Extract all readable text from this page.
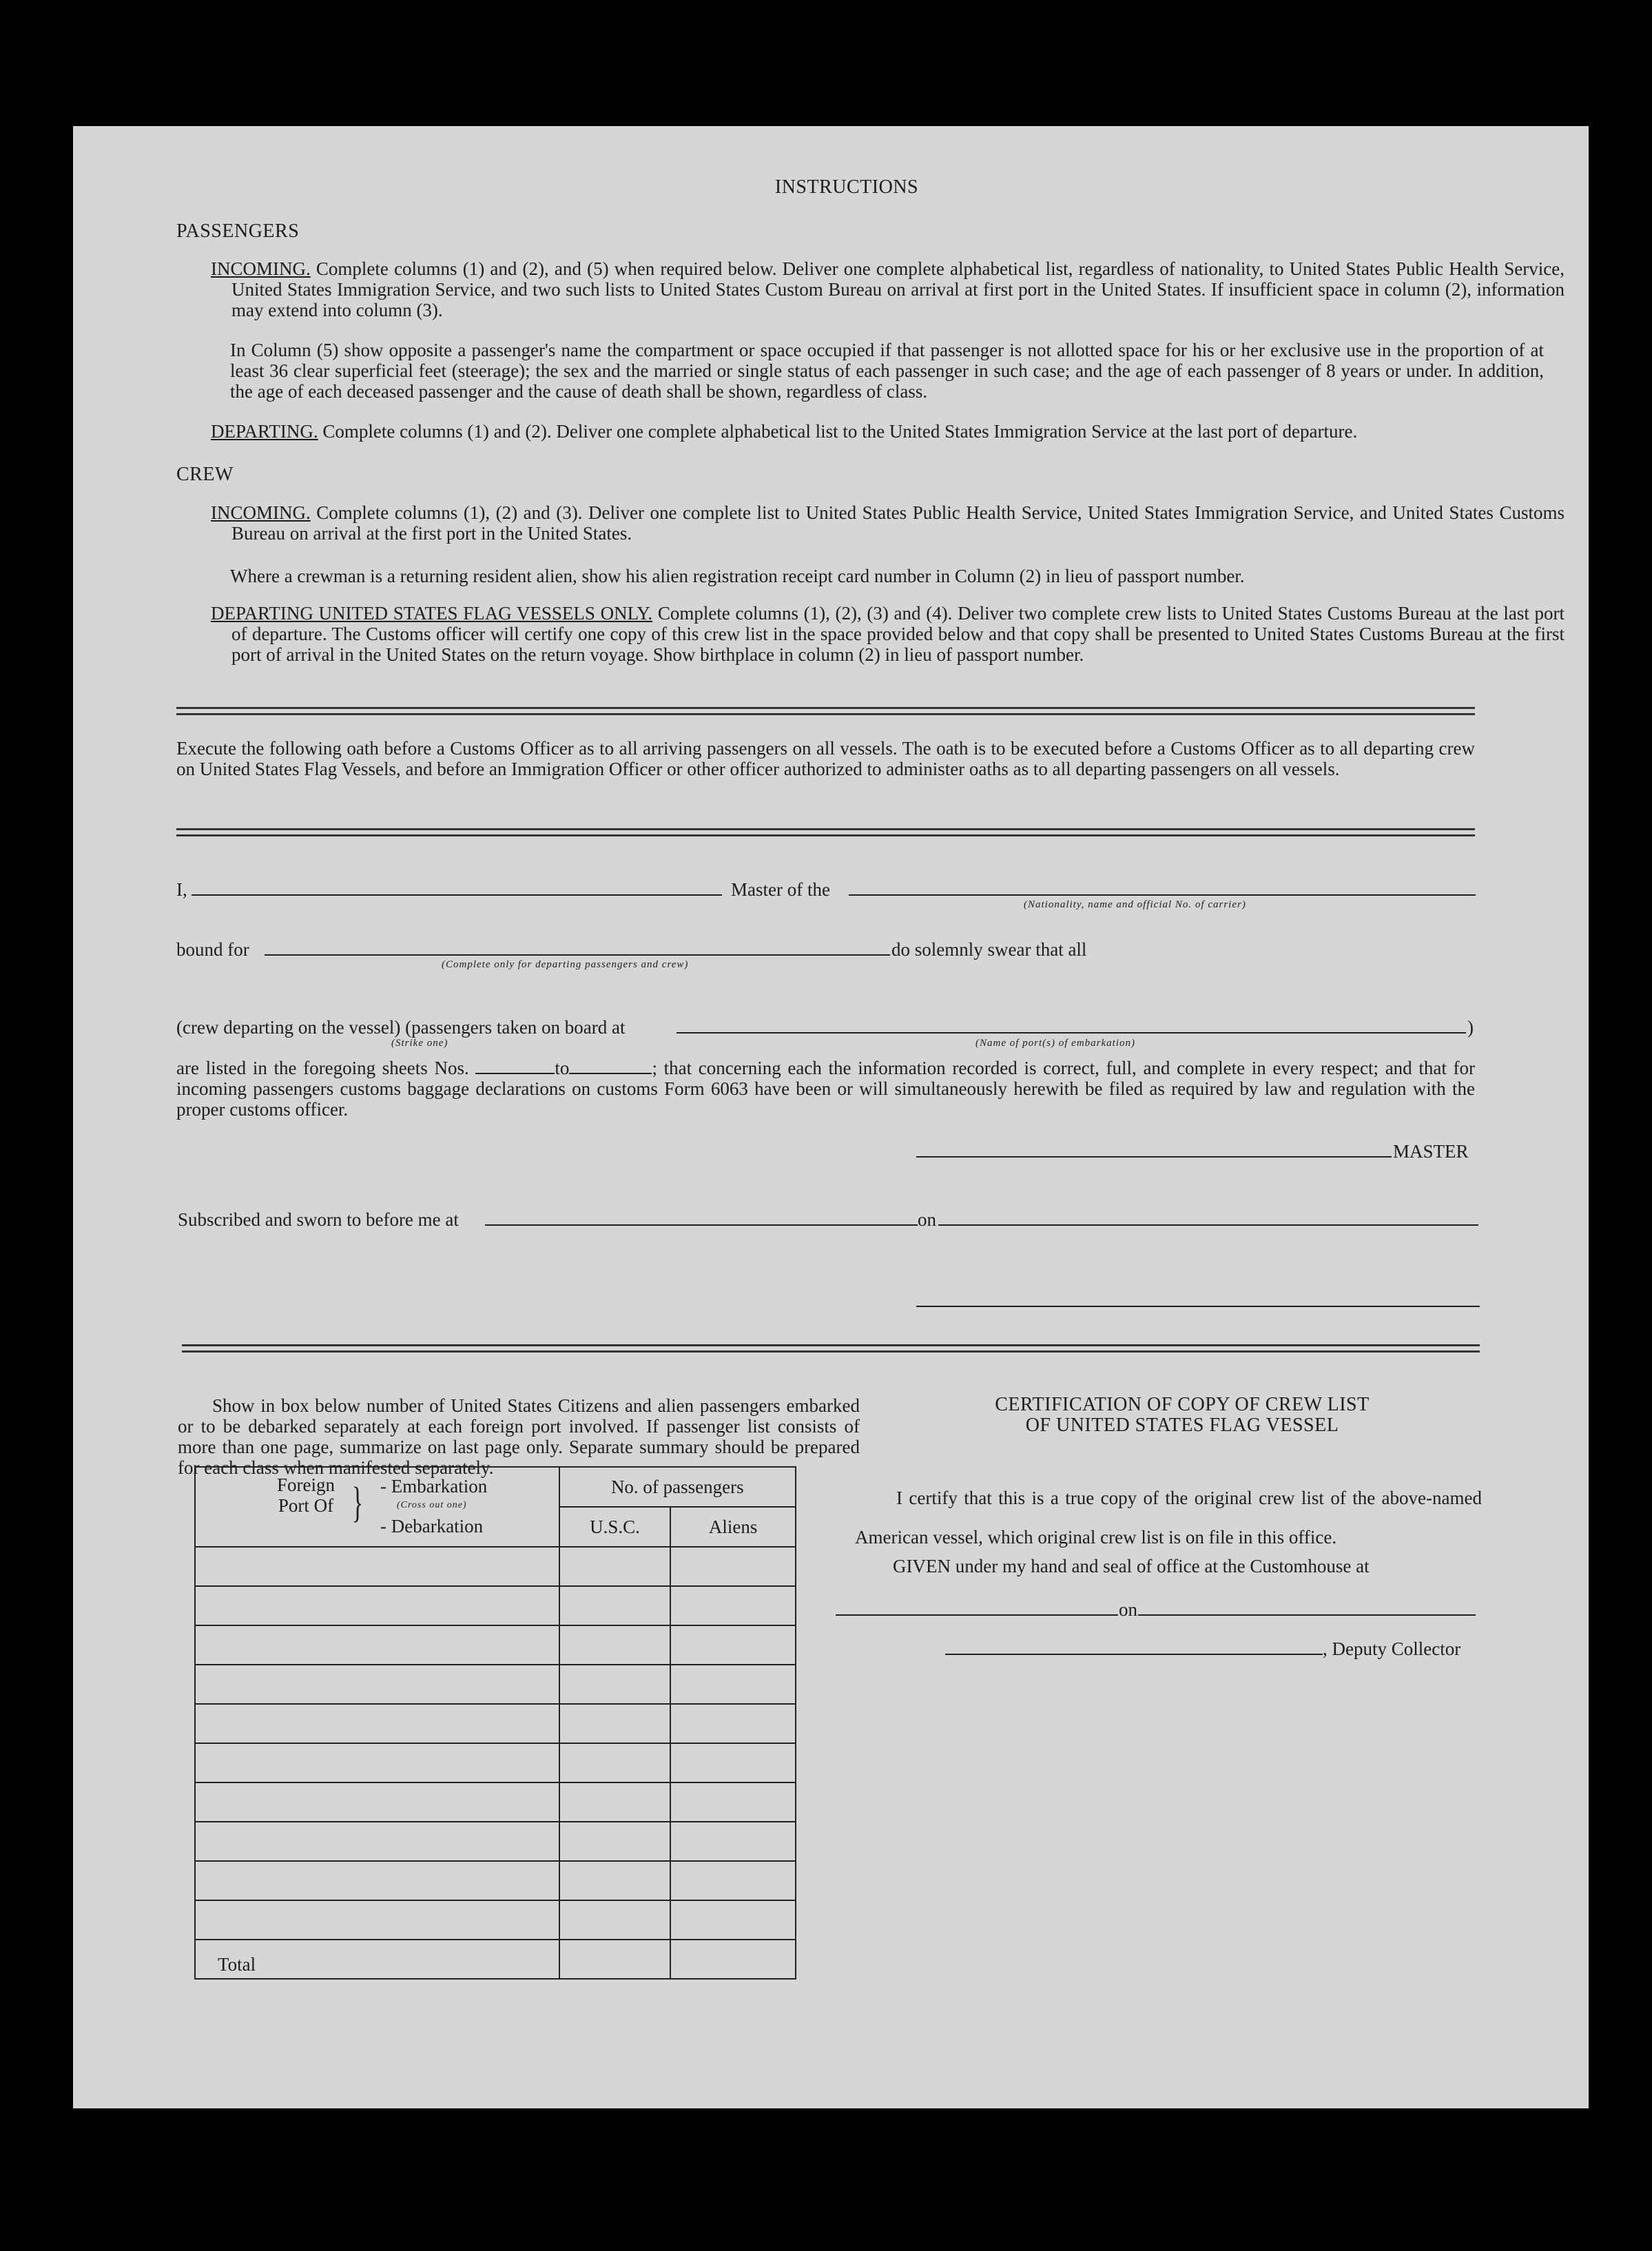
INSTRUCTIONS
PASSENGERS
INCOMING. Complete columns (1) and (2), and (5) when required below. Deliver one complete alphabetical list, regardless of nationality, to United States Public Health Service, United States Immigration Service, and two such lists to United States Custom Bureau on arrival at first port in the United States. If insufficient space in column (2), information may extend into column (3).
In Column (5) show opposite a passenger's name the compartment or space occupied if that passenger is not allotted space for his or her exclusive use in the proportion of at least 36 clear superficial feet (steerage); the sex and the married or single status of each passenger in such case; and the age of each passenger of 8 years or under. In addition, the age of each deceased passenger and the cause of death shall be shown, regardless of class.
DEPARTING. Complete columns (1) and (2). Deliver one complete alphabetical list to the United States Immigration Service at the last port of departure.
CREW
INCOMING. Complete columns (1), (2) and (3). Deliver one complete list to United States Public Health Service, United States Immigration Service, and United States Customs Bureau on arrival at the first port in the United States.
Where a crewman is a returning resident alien, show his alien registration receipt card number in Column (2) in lieu of passport number.
DEPARTING UNITED STATES FLAG VESSELS ONLY. Complete columns (1), (2), (3) and (4). Deliver two complete crew lists to United States Customs Bureau at the last port of departure. The Customs officer will certify one copy of this crew list in the space provided below and that copy shall be presented to United States Customs Bureau at the first port of arrival in the United States on the return voyage. Show birthplace in column (2) in lieu of passport number.
Execute the following oath before a Customs Officer as to all arriving passengers on all vessels. The oath is to be executed before a Customs Officer as to all departing crew on United States Flag Vessels, and before an Immigration Officer or other officer authorized to administer oaths as to all departing passengers on all vessels.
I,	Master of the
(Nationality, name and official No. of carrier)
bound for	do solemnly swear that all
(Complete only for departing passengers and crew)
(crew departing on the vessel) (passengers taken on board at	)
(Strike one)	(Name of port(s) of embarkation)
are listed in the foregoing sheets Nos.	to	; that concerning each the information recorded is correct, full, and complete in every respect; and that for incoming passengers customs baggage declarations on customs Form 6063 have been or will simultaneously herewith be filed as required by law and regulation with the proper customs officer.
MASTER
Subscribed and sworn to before me at	on
Show in box below number of United States Citizens and alien passengers embarked or to be debarked separately at each foreign port involved. If passenger list consists of more than one page, summarize on last page only. Separate summary should be prepared for each class when manifested separately.
Foreign Port Of } - Embarkation
(Cross out one)
- Debarkation	No. of passengers	
	U.S.C.	Aliens

Total		
CERTIFICATION OF COPY OF CREW LIST
OF UNITED STATES FLAG VESSEL
I certify that this is a true copy of the original crew list of the above-named American vessel, which original crew list is on file in this office.
GIVEN under my hand and seal of office at the Customhouse at
on
, Deputy Collector
